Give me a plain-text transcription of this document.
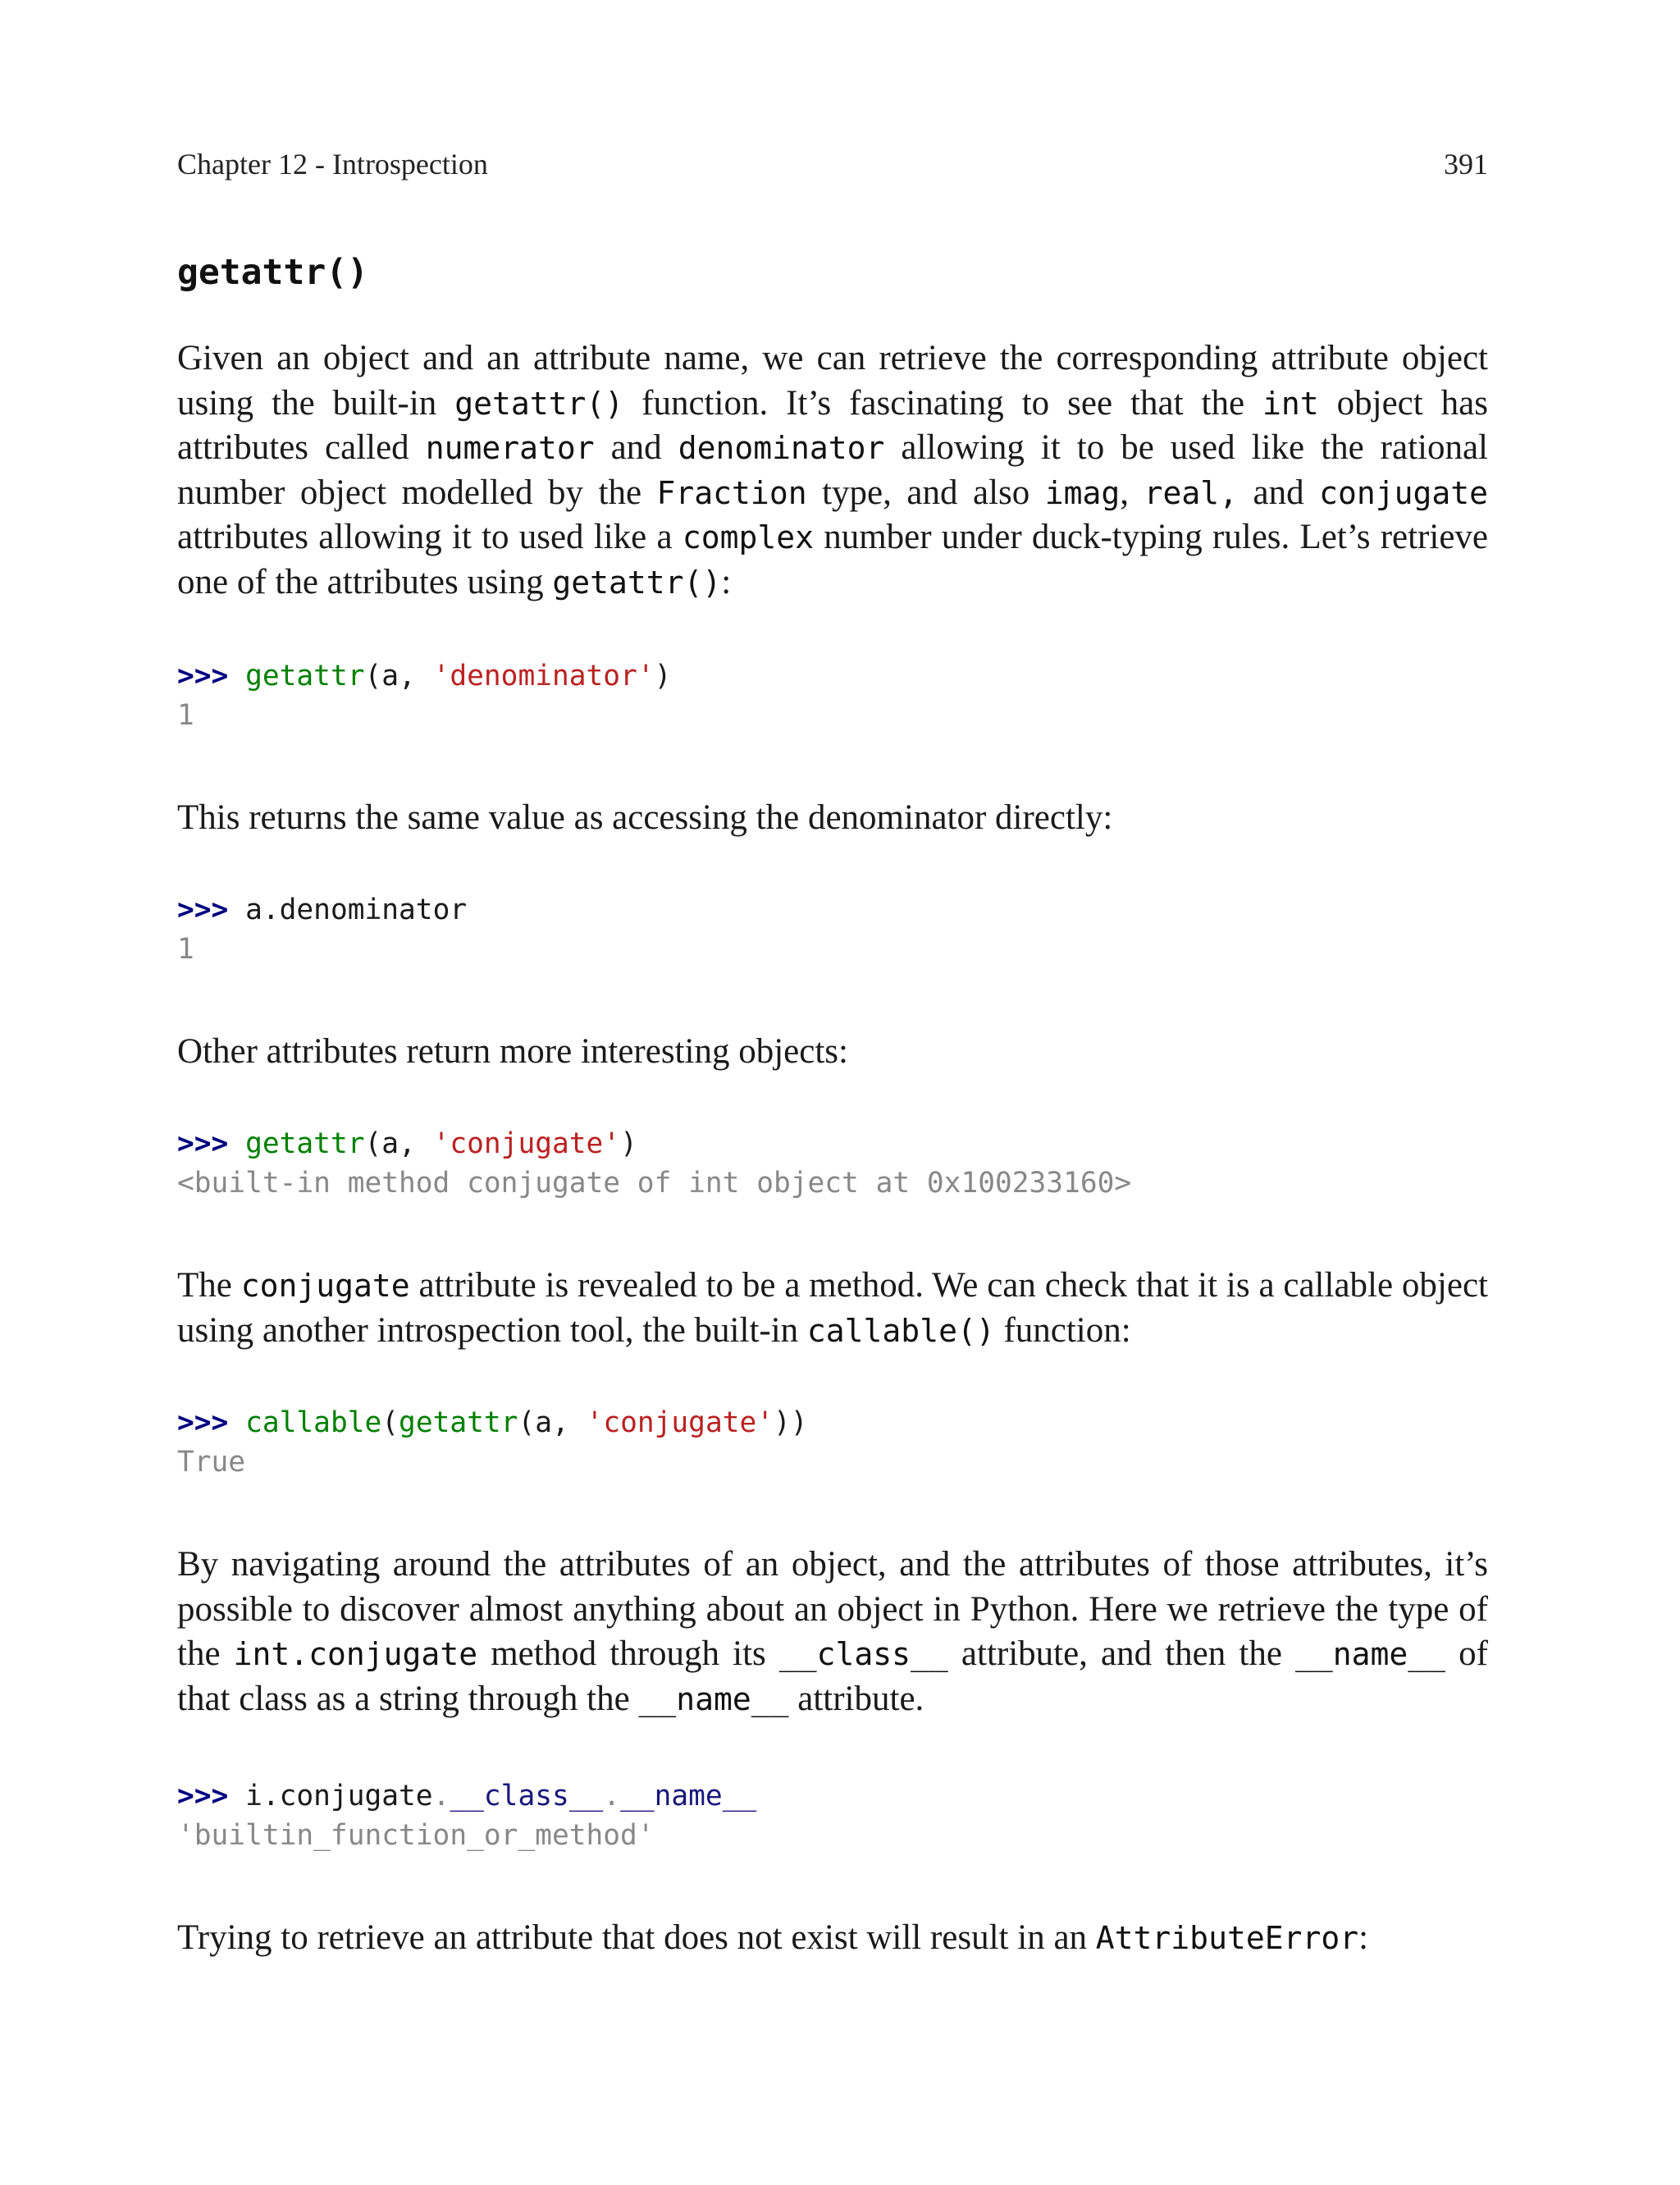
Chapter 12 - Introspection	391
getattr()

Given an object and an attribute name, we can retrieve the corresponding attribute object using the built-in getattr() function. It’s fascinating to see that the int object has attributes called numerator and denominator allowing it to be used like the rational number object modelled by the Fraction type, and also imag, real, and conjugate attributes allowing it to used like a complex number under duck-typing rules. Let’s retrieve one of the attributes using getattr():

>>> getattr(a, 'denominator')
1

This returns the same value as accessing the denominator directly:

>>> a.denominator
1

Other attributes return more interesting objects:

>>> getattr(a, 'conjugate')
<built-in method conjugate of int object at 0x100233160>

The conjugate attribute is revealed to be a method. We can check that it is a callable object using another introspection tool, the built-in callable() function:

>>> callable(getattr(a, 'conjugate'))
True

By navigating around the attributes of an object, and the attributes of those attributes, it’s possible to discover almost anything about an object in Python. Here we retrieve the type of the int.conjugate method through its __class__ attribute, and then the __name__ of that class as a string through the __name__ attribute.

>>> i.conjugate.__class__.__name__
'builtin_function_or_method'

Trying to retrieve an attribute that does not exist will result in an AttributeError:
